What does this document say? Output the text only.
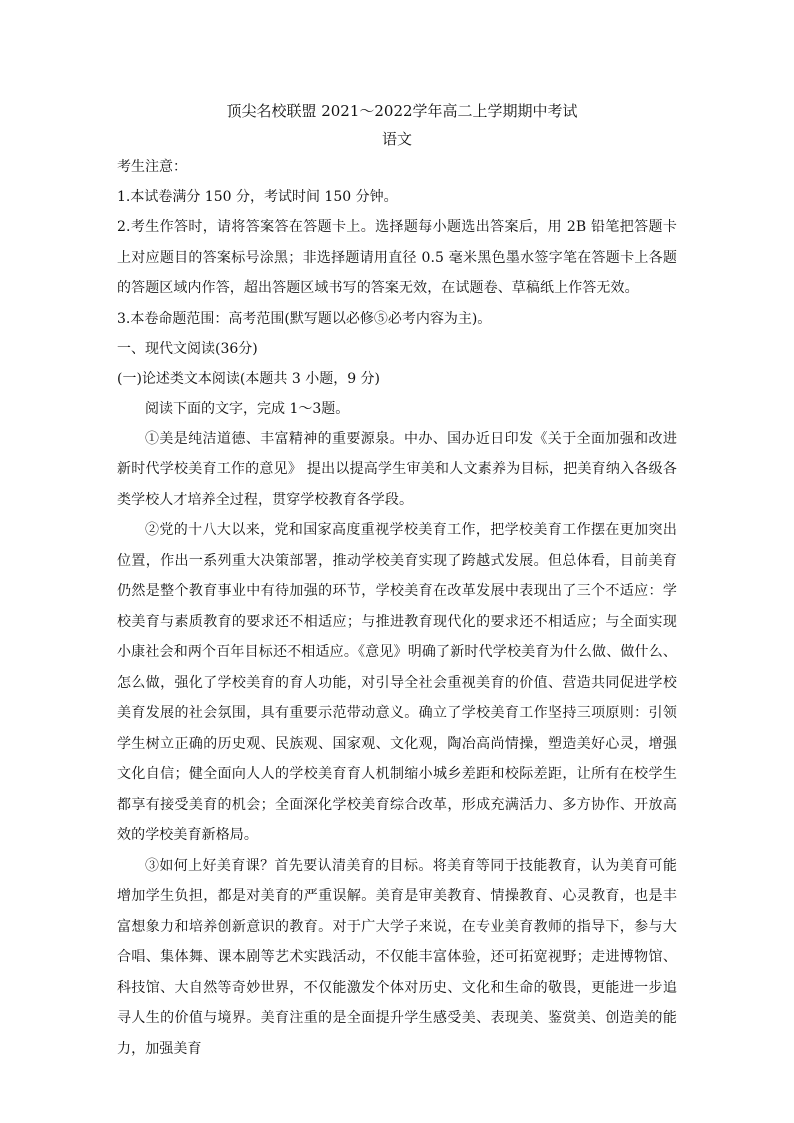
顶尖名校联盟 2021～2022学年高二上学期期中考试

语文

考生注意：

1.本试卷满分 150 分，考试时间 150 分钟。

2.考生作答时，请将答案答在答题卡上。选择题每小题选出答案后，用 2B 铅笔把答题卡上对应题目的答案标号涂黑；非选择题请用直径 0.5 毫米黑色墨水签字笔在答题卡上各题的答题区域内作答，超出答题区域书写的答案无效，在试题卷、草稿纸上作答无效。

3.本卷命题范围：高考范围(默写题以必修⑤必考内容为主)。

一、现代文阅读(36分)

(一)论述类文本阅读(本题共 3 小题，9 分)

阅读下面的文字，完成 1～3题。

①美是纯洁道德、丰富精神的重要源泉。中办、国办近日印发《关于全面加强和改进新时代学校美育工作的意见》 提出以提高学生审美和人文素养为目标，把美育纳入各级各类学校人才培养全过程，贯穿学校教育各学段。

②党的十八大以来，党和国家高度重视学校美育工作，把学校美育工作摆在更加突出位置，作出一系列重大决策部署，推动学校美育实现了跨越式发展。但总体看，目前美育仍然是整个教育事业中有待加强的环节，学校美育在改革发展中表现出了三个不适应：学校美育与素质教育的要求还不相适应；与推进教育现代化的要求还不相适应；与全面实现小康社会和两个百年目标还不相适应。《意见》明确了新时代学校美育为什么做、做什么、怎么做，强化了学校美育的育人功能，对引导全社会重视美育的价值、营造共同促进学校美育发展的社会氛围，具有重要示范带动意义。确立了学校美育工作坚持三项原则：引领学生树立正确的历史观、民族观、国家观、文化观，陶冶高尚情操，塑造美好心灵，增强文化自信；健全面向人人的学校美育育人机制缩小城乡差距和校际差距，让所有在校学生都享有接受美育的机会；全面深化学校美育综合改革，形成充满活力、多方协作、开放高效的学校美育新格局。

③如何上好美育课？首先要认清美育的目标。将美育等同于技能教育，认为美育可能增加学生负担，都是对美育的严重误解。美育是审美教育、情操教育、心灵教育，也是丰富想象力和培养创新意识的教育。对于广大学子来说，在专业美育教师的指导下，参与大合唱、集体舞、课本剧等艺术实践活动，不仅能丰富体验，还可拓宽视野；走进博物馆、科技馆、大自然等奇妙世界，不仅能激发个体对历史、文化和生命的敬畏，更能进一步追寻人生的价值与境界。美育注重的是全面提升学生感受美、表现美、鉴赏美、创造美的能力，加强美育
